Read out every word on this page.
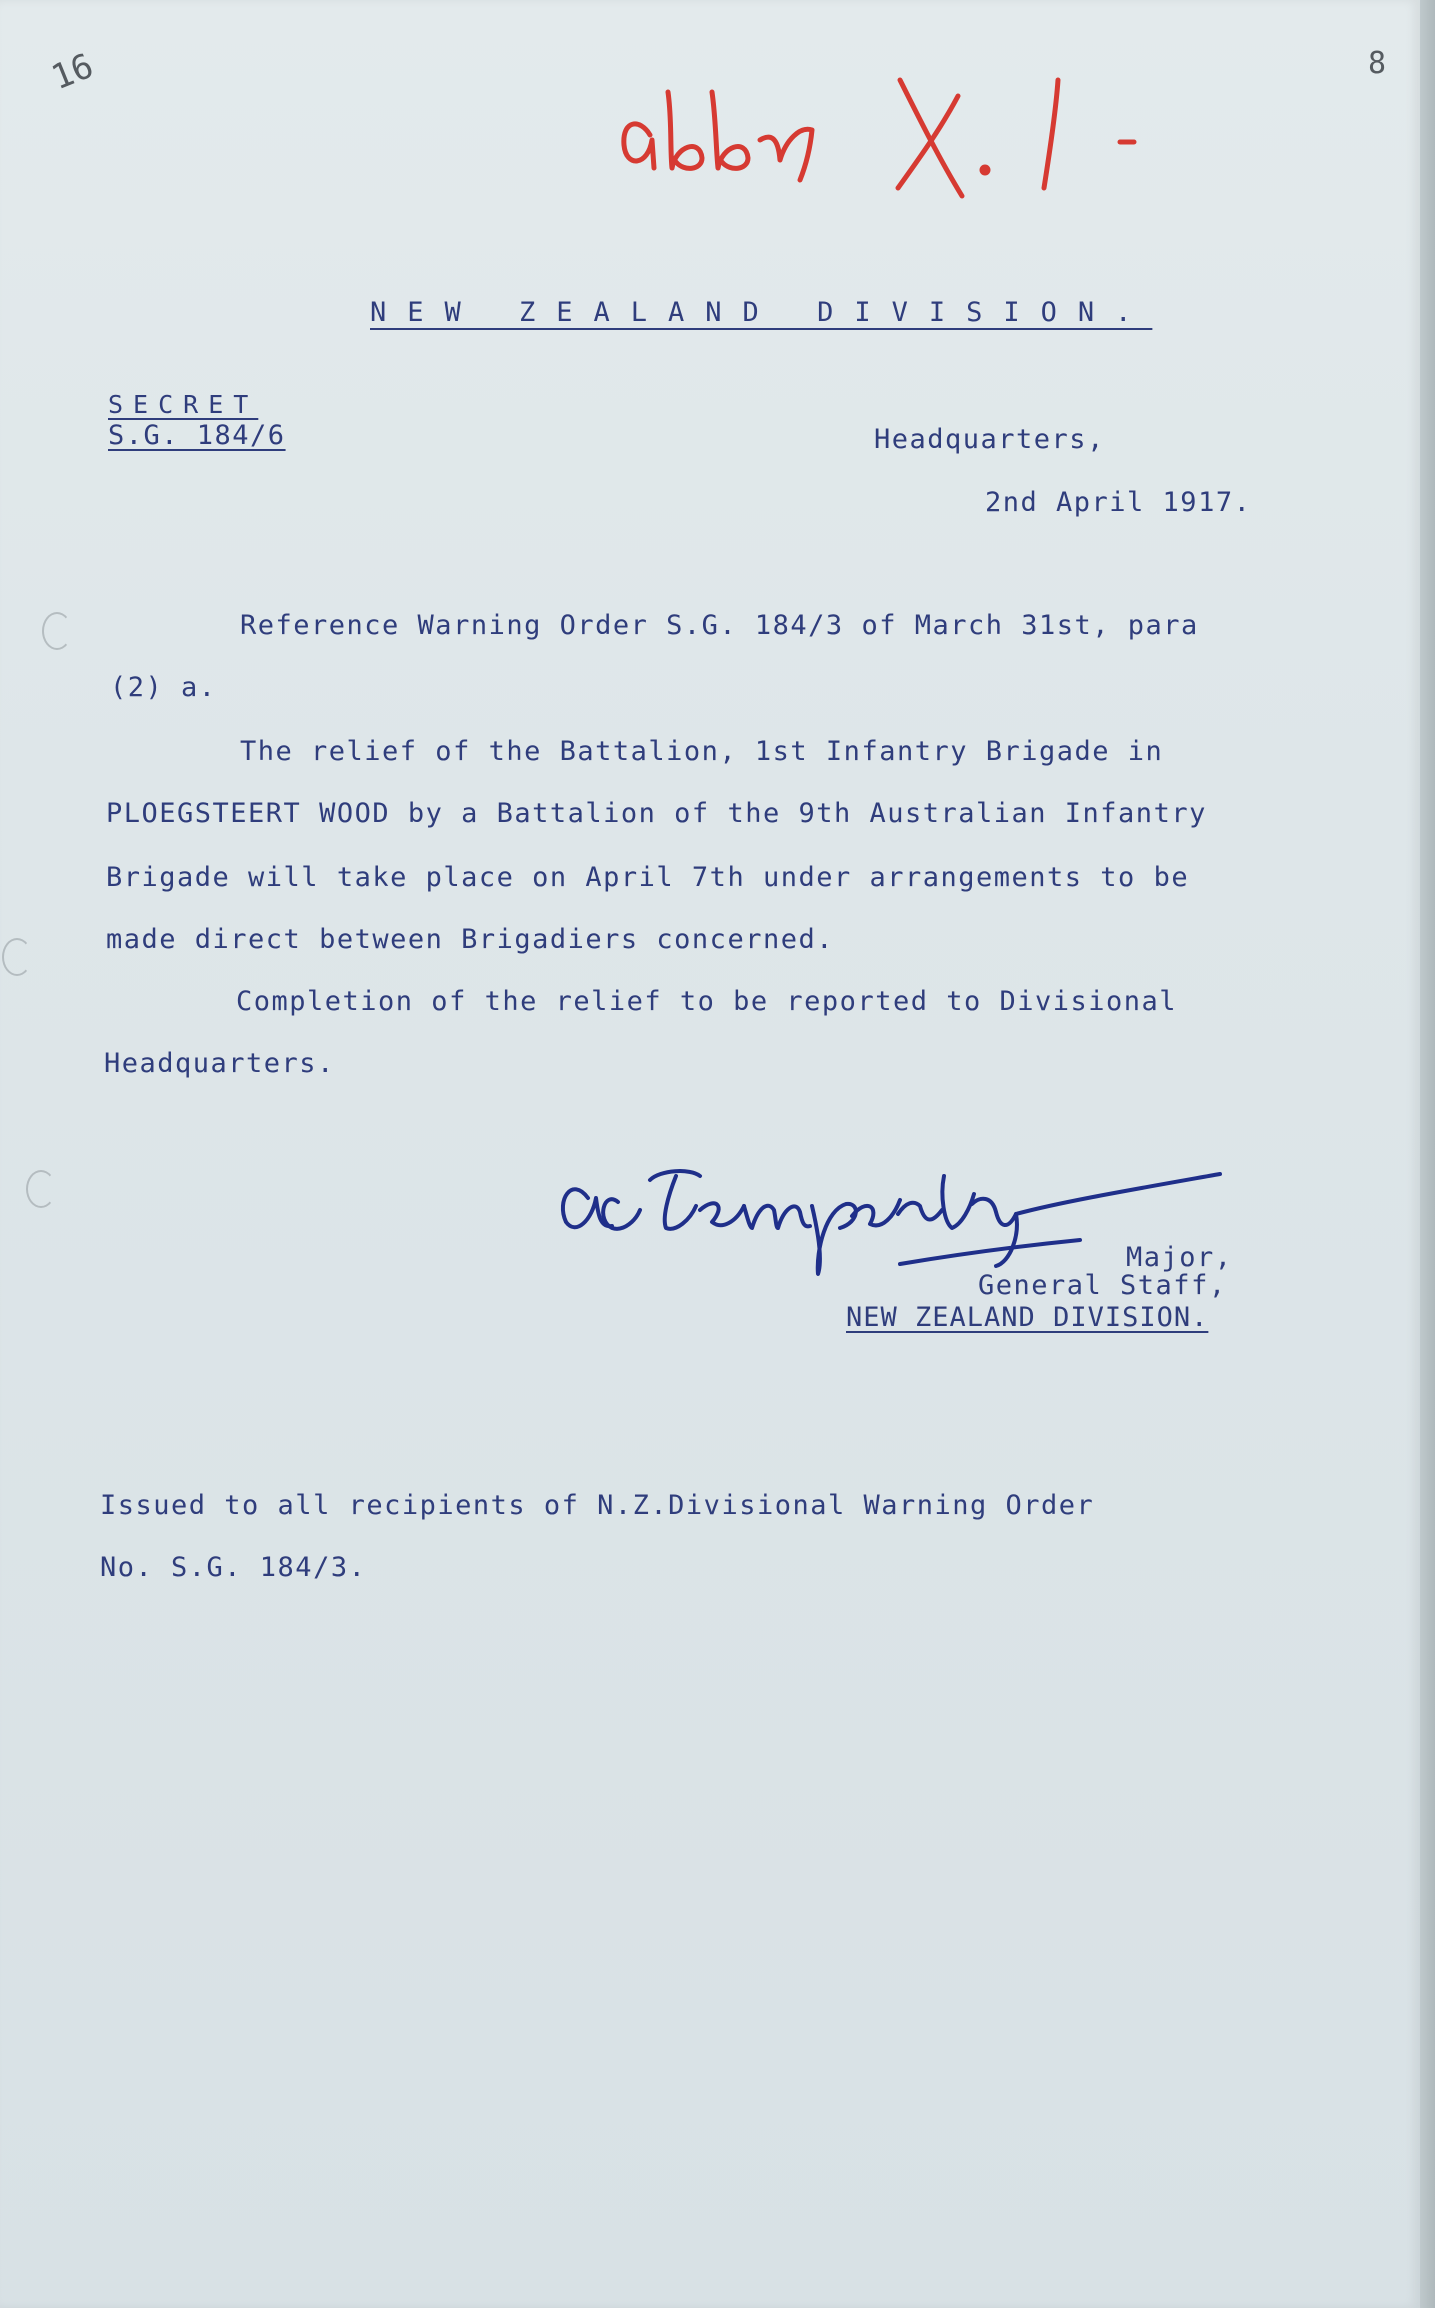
16	8
NEW ZEALAND DIVISION.
SECRET
S.G. 184/6	Headquarters,
2nd April 1917.
Reference Warning Order S.G. 184/3 of March 31st, para
(2) a.
The relief of the Battalion, 1st Infantry Brigade in
PLOEGSTEERT WOOD by a Battalion of the 9th Australian Infantry
Brigade will take place on April 7th under arrangements to be
made direct between Brigadiers concerned.
Completion of the relief to be reported to Divisional
Headquarters.
Major,
General Staff,
NEW ZEALAND DIVISION.
Issued to all recipients of N.Z.Divisional Warning Order
No. S.G. 184/3.
